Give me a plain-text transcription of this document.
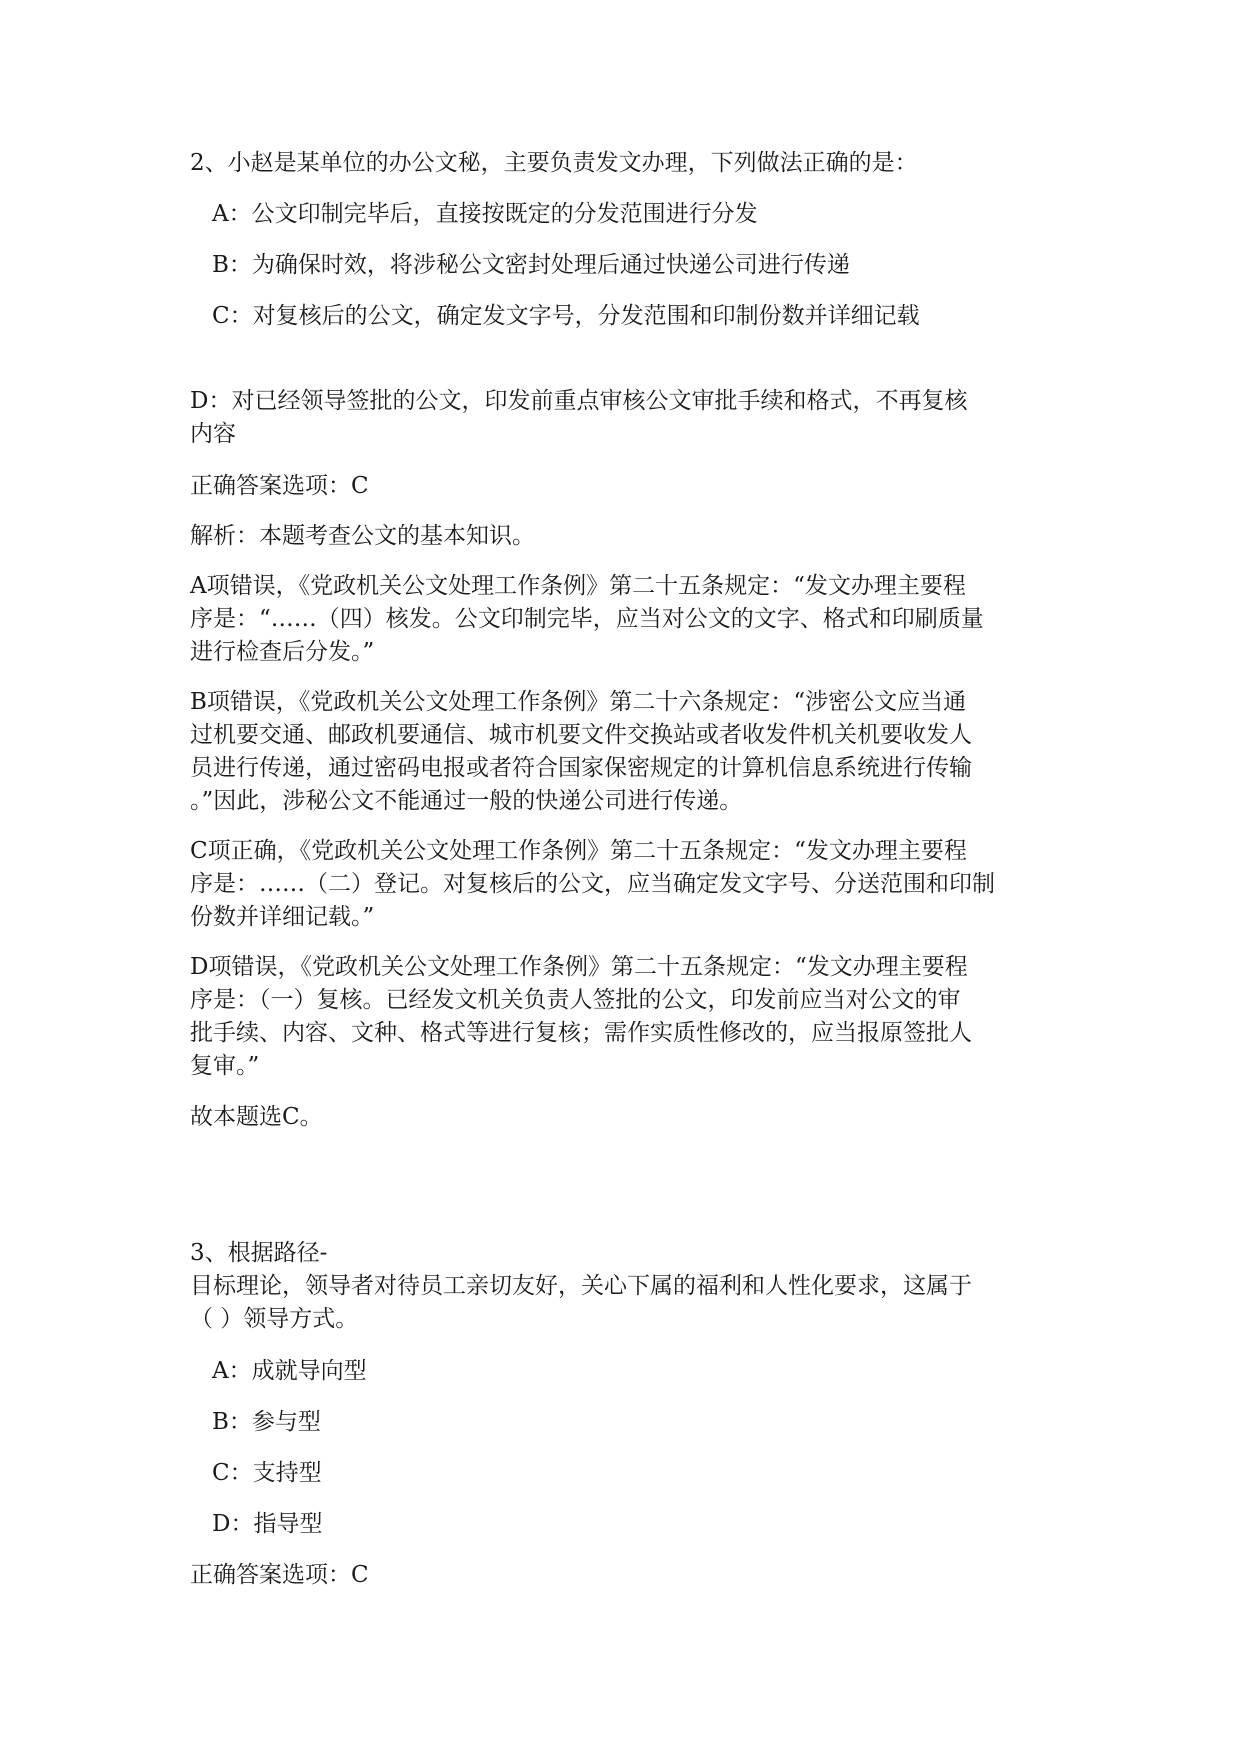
2、小赵是某单位的办公文秘，主要负责发文办理，下列做法正确的是：
A：公文印制完毕后，直接按既定的分发范围进行分发
B：为确保时效，将涉秘公文密封处理后通过快递公司进行传递
C：对复核后的公文，确定发文字号，分发范围和印制份数并详细记载
D：对已经领导签批的公文，印发前重点审核公文审批手续和格式，不再复核
内容
正确答案选项：C
解析：本题考查公文的基本知识。
A项错误，《党政机关公文处理工作条例》第二十五条规定：“发文办理主要程
序是：“……（四）核发。公文印制完毕，应当对公文的文字、格式和印刷质量
进行检查后分发。”
B项错误，《党政机关公文处理工作条例》第二十六条规定：“涉密公文应当通
过机要交通、邮政机要通信、城市机要文件交换站或者收发件机关机要收发人
员进行传递，通过密码电报或者符合国家保密规定的计算机信息系统进行传输
。”因此，涉秘公文不能通过一般的快递公司进行传递。
C项正确，《党政机关公文处理工作条例》第二十五条规定：“发文办理主要程
序是：……（二）登记。对复核后的公文，应当确定发文字号、分送范围和印制
份数并详细记载。”
D项错误，《党政机关公文处理工作条例》第二十五条规定：“发文办理主要程
序是：（一）复核。已经发文机关负责人签批的公文，印发前应当对公文的审
批手续、内容、文种、格式等进行复核；需作实质性修改的，应当报原签批人
复审。”
故本题选C。
3、根据路径-
目标理论，领导者对待员工亲切友好，关心下属的福利和人性化要求，这属于
（ ）领导方式。
A：成就导向型
B：参与型
C：支持型
D：指导型
正确答案选项：C
